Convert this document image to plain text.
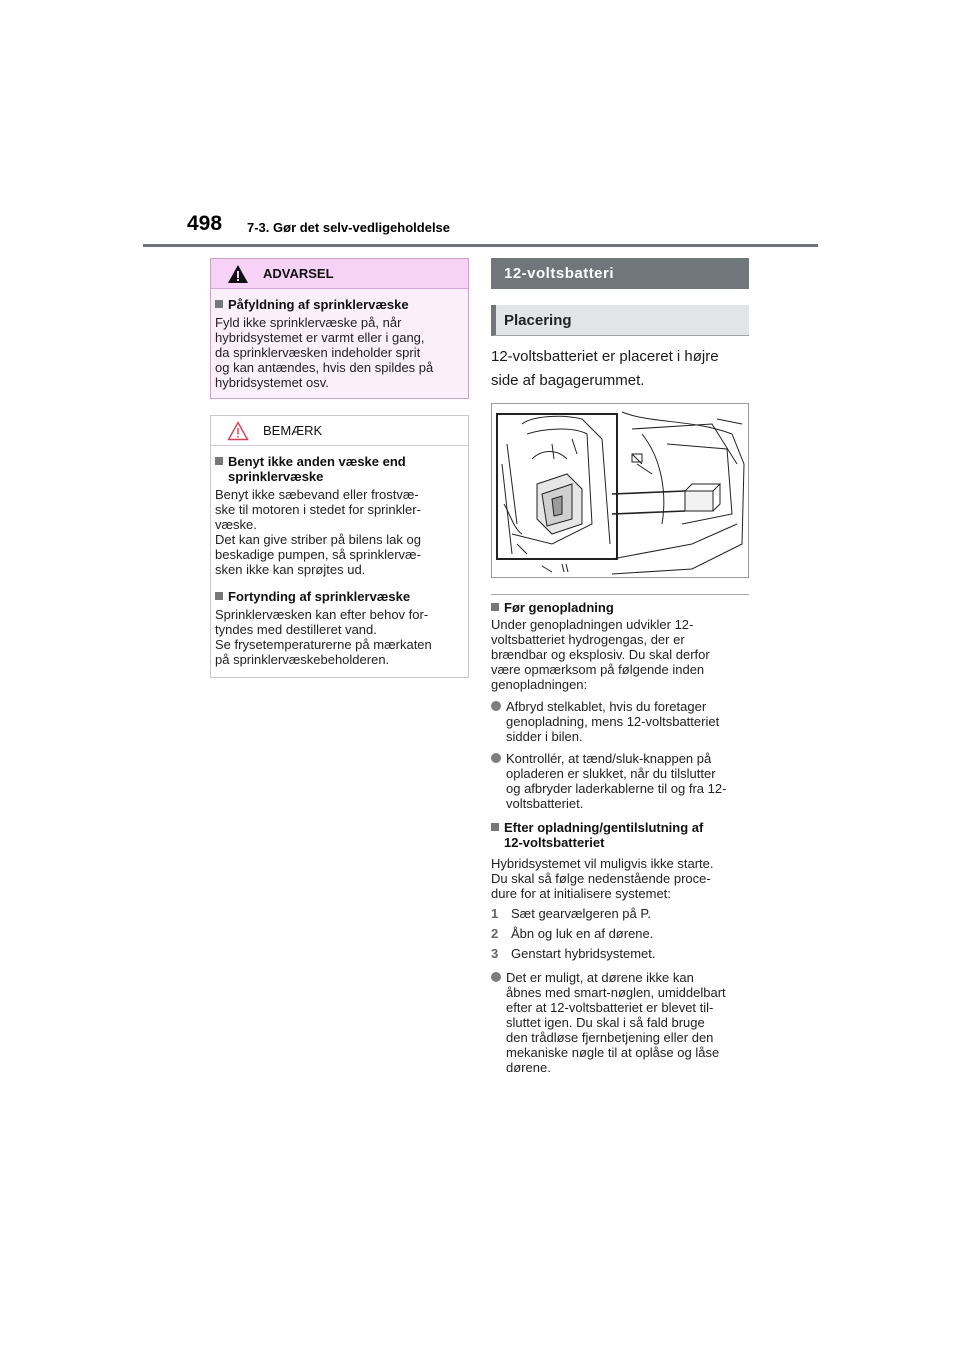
498 7-3. Gør det selv-vedligeholdelse
ADVARSEL
Påfyldning af sprinklervæske
Fyld ikke sprinklervæske på, når
hybridsystemet er varmt eller i gang,
da sprinklervæsken indeholder sprit
og kan antændes, hvis den spildes på
hybridsystemet osv.
BEMÆRK
Benyt ikke anden væske end
sprinklervæske
Benyt ikke sæbevand eller frostvæ-
ske til motoren i stedet for sprinkler-
væske.
Det kan give striber på bilens lak og
beskadige pumpen, så sprinklervæ-
sken ikke kan sprøjtes ud.
Fortynding af sprinklervæske
Sprinklervæsken kan efter behov for-
tyndes med destilleret vand.
Se frysetemperaturerne på mærkaten
på sprinklervæskebeholderen.
12-voltsbatteri
Placering
12-voltsbatteriet er placeret i højre
side af bagagerummet.
Før genopladning
Under genopladningen udvikler 12-
voltsbatteriet hydrogengas, der er
brændbar og eksplosiv. Du skal derfor
være opmærksom på følgende inden
genopladningen:
Afbryd stelkablet, hvis du foretager
genopladning, mens 12-voltsbatteriet
sidder i bilen.
Kontrollér, at tænd/sluk-knappen på
opladeren er slukket, når du tilslutter
og afbryder laderkablerne til og fra 12-
voltsbatteriet.
Efter opladning/gentilslutning af
12-voltsbatteriet
Hybridsystemet vil muligvis ikke starte.
Du skal så følge nedenstående proce-
dure for at initialisere systemet:
1 Sæt gearvælgeren på P.
2 Åbn og luk en af dørene.
3 Genstart hybridsystemet.
Det er muligt, at dørene ikke kan
åbnes med smart-nøglen, umiddelbart
efter at 12-voltsbatteriet er blevet til-
sluttet igen. Du skal i så fald bruge
den trådløse fjernbetjening eller den
mekaniske nøgle til at oplåse og låse
dørene.
